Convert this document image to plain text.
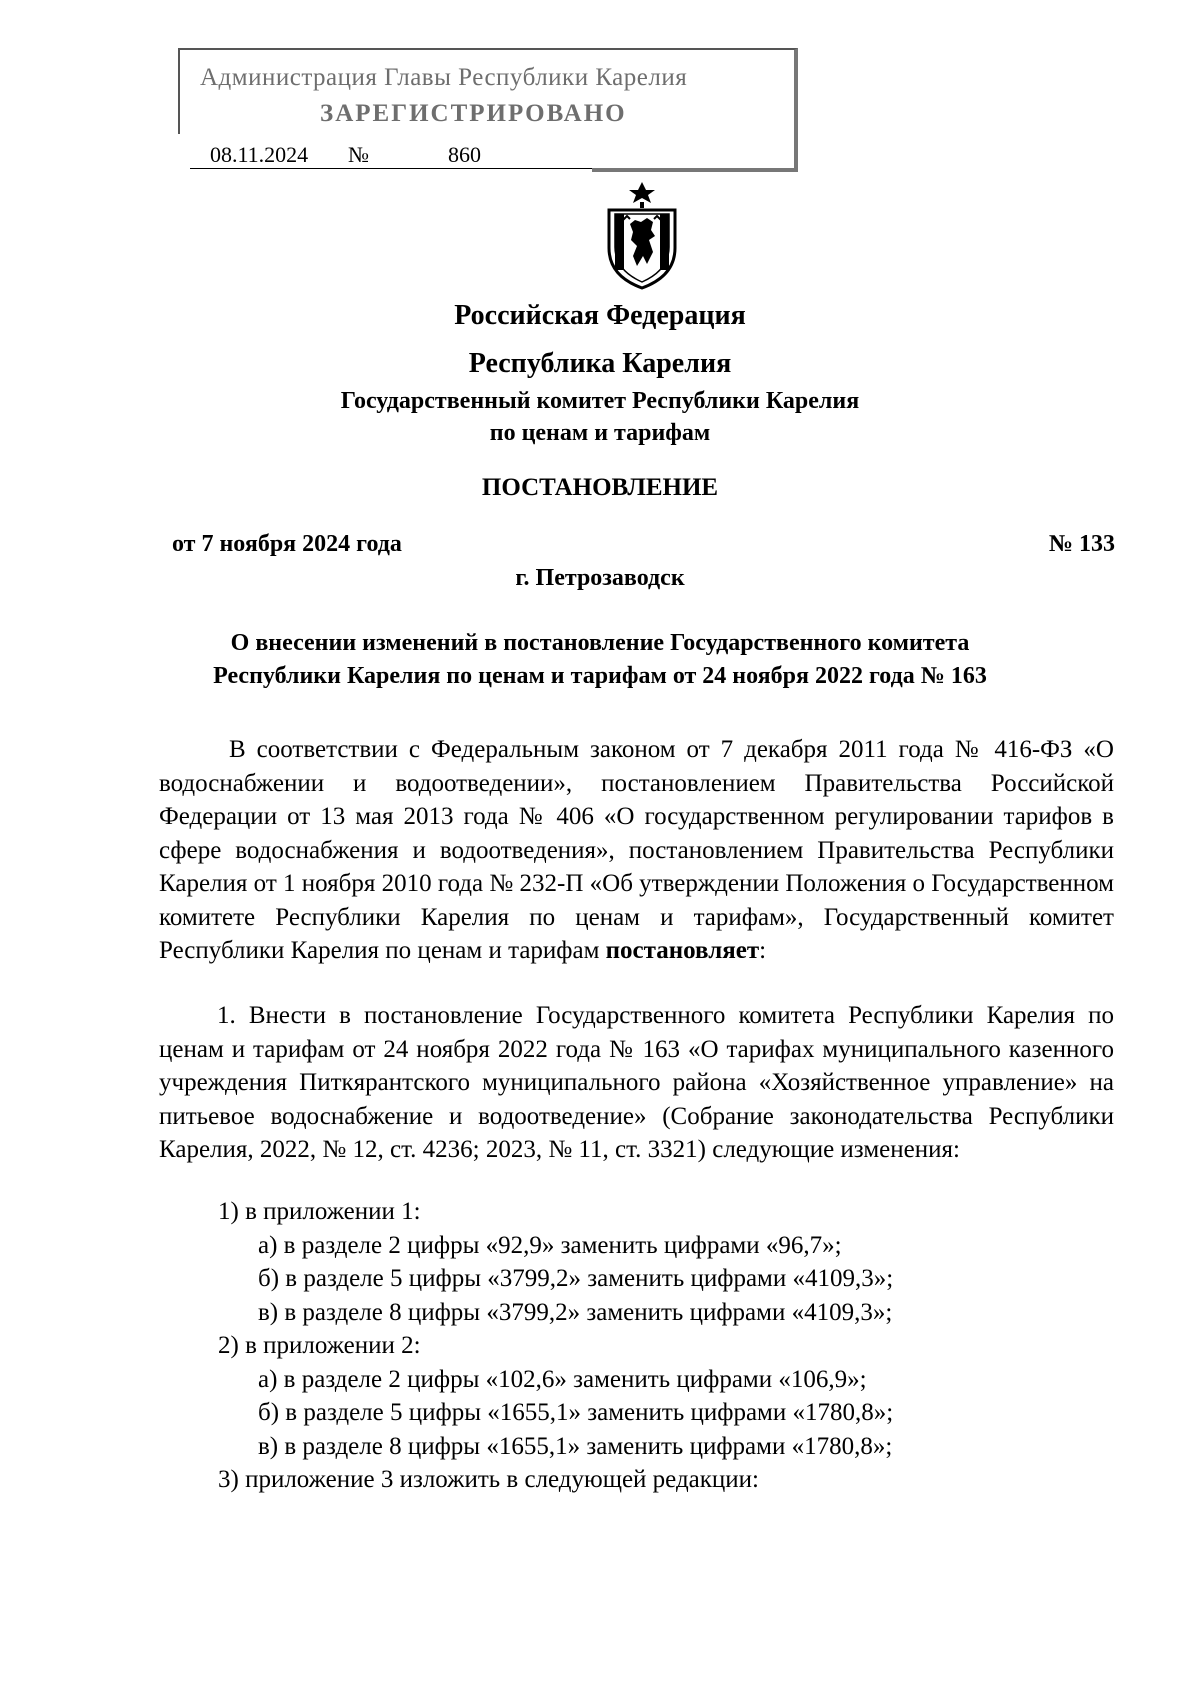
Администрация Главы Республики Карелия
ЗАРЕГИСТРИРОВАНО
08.11.2024 №	860
Российская Федерация
Республика Карелия
Государственный комитет Республики Карелия
по ценам и тарифам
ПОСТАНОВЛЕНИЕ
от 7 ноября 2024 года	№ 133
г. Петрозаводск
О внесении изменений в постановление Государственного комитета
Республики Карелия по ценам и тарифам от 24 ноября 2022 года № 163
В соответствии с Федеральным законом от 7 декабря 2011 года № 416-ФЗ «О водоснабжении и водоотведении», постановлением Правительства Российской Федерации от 13 мая 2013 года № 406 «О государственном регулировании тарифов в сфере водоснабжения и водоотведения», постановлением Правительства Республики Карелия от 1 ноября 2010 года № 232-П «Об утверждении Положения о Государственном комитете Республики Карелия по ценам и тарифам», Государственный комитет Республики Карелия по ценам и тарифам постановляет:
1. Внести в постановление Государственного комитета Республики Карелия по ценам и тарифам от 24 ноября 2022 года № 163 «О тарифах муниципального казенного учреждения Питкярантского муниципального района «Хозяйственное управление» на питьевое водоснабжение и водоотведение» (Собрание законодательства Республики Карелия, 2022, № 12, ст. 4236; 2023, № 11, ст. 3321) следующие изменения:
1) в приложении 1:
а) в разделе 2 цифры «92,9» заменить цифрами «96,7»;
б) в разделе 5 цифры «3799,2» заменить цифрами «4109,3»;
в) в разделе 8 цифры «3799,2» заменить цифрами «4109,3»;
2) в приложении 2:
а) в разделе 2 цифры «102,6» заменить цифрами «106,9»;
б) в разделе 5 цифры «1655,1» заменить цифрами «1780,8»;
в) в разделе 8 цифры «1655,1» заменить цифрами «1780,8»;
3) приложение 3 изложить в следующей редакции:
